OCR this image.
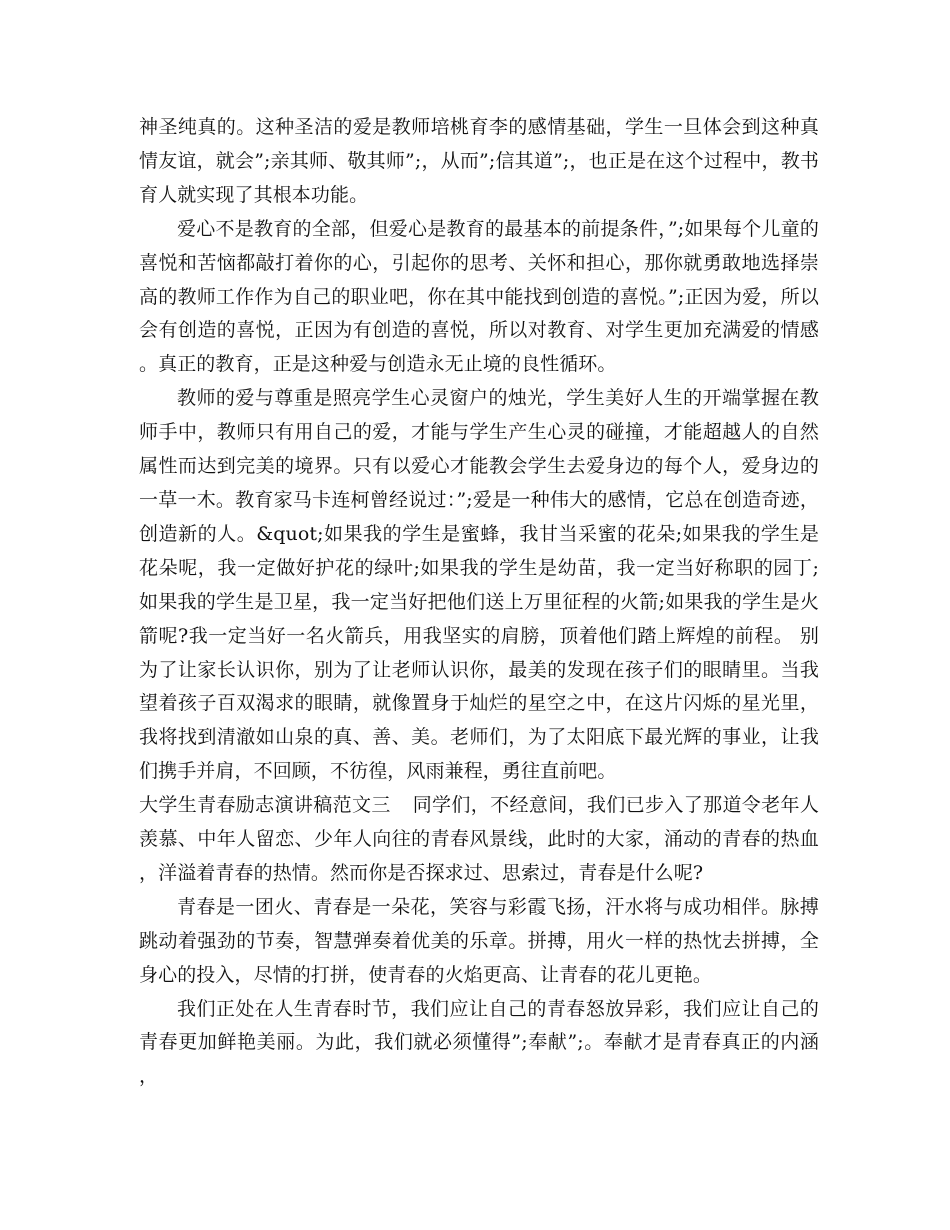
神圣纯真的。这种圣洁的爱是教师培桃育李的感情基础，学生一旦体会到这种真情友谊，就会”;亲其师、敬其师”;，从而”;信其道”;，也正是在这个过程中，教书育人就实现了其根本功能。

爱心不是教育的全部，但爱心是教育的最基本的前提条件，”;如果每个儿童的喜悦和苦恼都敲打着你的心，引起你的思考、关怀和担心，那你就勇敢地选择崇高的教师工作作为自己的职业吧，你在其中能找到创造的喜悦。”;正因为爱，所以会有创造的喜悦，正因为有创造的喜悦，所以对教育、对学生更加充满爱的情感。真正的教育，正是这种爱与创造永无止境的良性循环。

教师的爱与尊重是照亮学生心灵窗户的烛光，学生美好人生的开端掌握在教师手中，教师只有用自己的爱，才能与学生产生心灵的碰撞，才能超越人的自然属性而达到完美的境界。只有以爱心才能教会学生去爱身边的每个人，爱身边的一草一木。教育家马卡连柯曾经说过：”;爱是一种伟大的感情，它总在创造奇迹，创造新的人。&quot;如果我的学生是蜜蜂，我甘当采蜜的花朵;如果我的学生是花朵呢，我一定做好护花的绿叶;如果我的学生是幼苗，我一定当好称职的园丁;如果我的学生是卫星，我一定当好把他们送上万里征程的火箭;如果我的学生是火箭呢?我一定当好一名火箭兵，用我坚实的肩膀，顶着他们踏上辉煌的前程。 别为了让家长认识你，别为了让老师认识你，最美的发现在孩子们的眼睛里。当我望着孩子百双渴求的眼睛，就像置身于灿烂的星空之中，在这片闪烁的星光里，我将找到清澈如山泉的真、善、美。老师们，为了太阳底下最光辉的事业，让我们携手并肩，不回顾，不彷徨，风雨兼程，勇往直前吧。

大学生青春励志演讲稿范文三 同学们，不经意间，我们已步入了那道令老年人羡慕、中年人留恋、少年人向往的青春风景线，此时的大家，涌动的青春的热血，洋溢着青春的热情。然而你是否探求过、思索过，青春是什么呢?

青春是一团火、青春是一朵花，笑容与彩霞飞扬，汗水将与成功相伴。脉搏跳动着强劲的节奏，智慧弹奏着优美的乐章。拼搏，用火一样的热忱去拼搏，全身心的投入，尽情的打拼，使青春的火焰更高、让青春的花儿更艳。

我们正处在人生青春时节，我们应让自己的青春怒放异彩，我们应让自己的青春更加鲜艳美丽。为此，我们就必须懂得”;奉献”;。奉献才是青春真正的内涵，
